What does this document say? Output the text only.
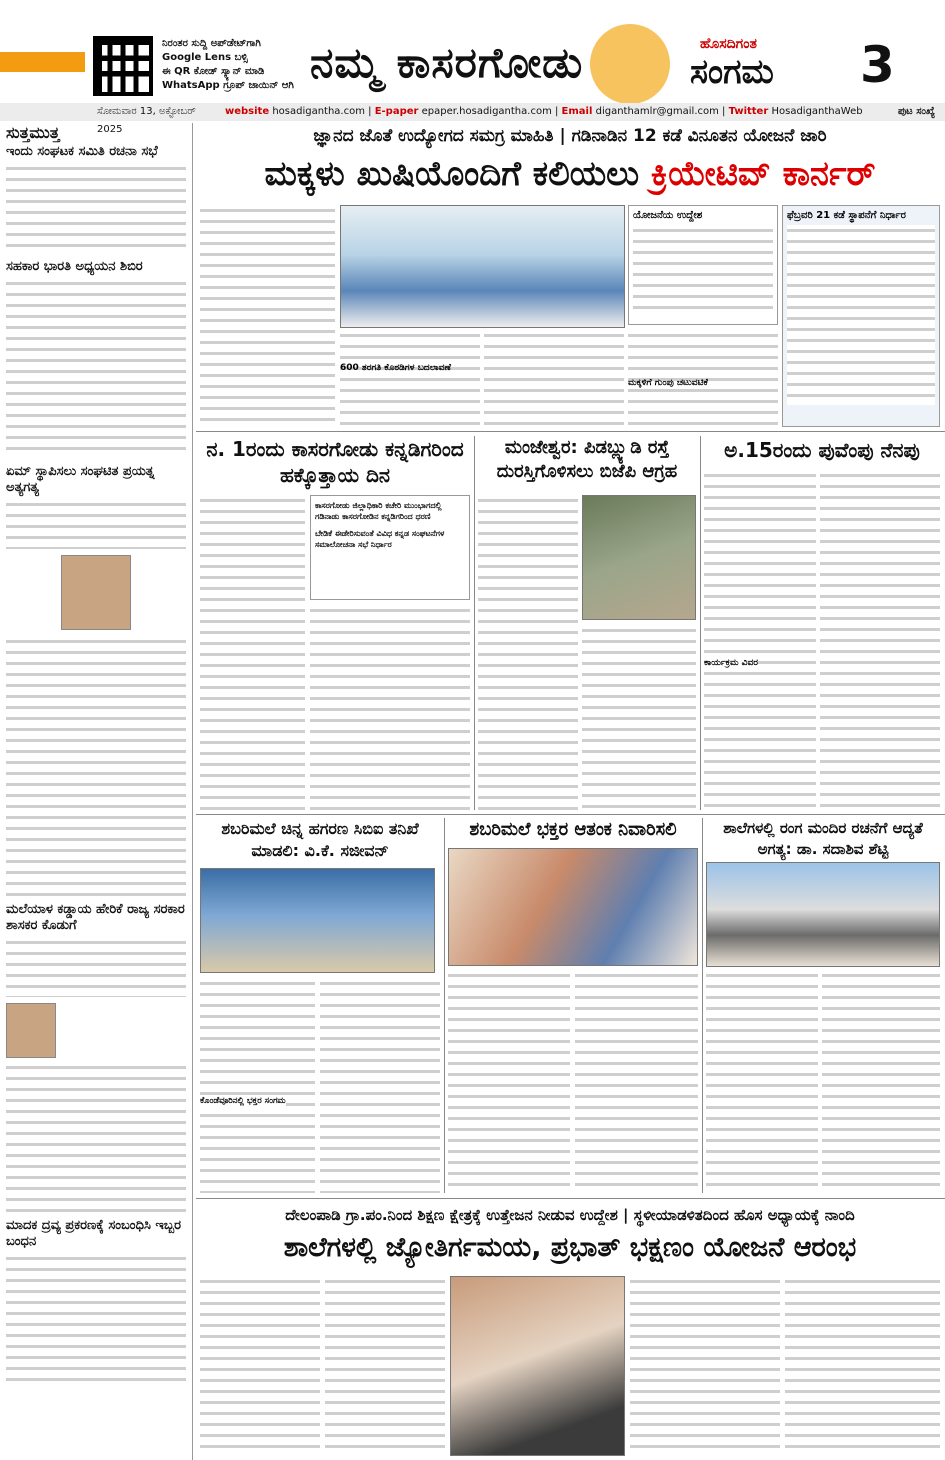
ನಿರಂತರ ಸುದ್ದಿ ಅಪ್‌ಡೇಟ್‌ಗಾಗಿ
Google Lens ಬಳ್ಸಿ
ಈ QR ಕೋಡ್ ಸ್ಕ್ಯಾನ್ ಮಾಡಿ
WhatsApp ಗ್ರೂಪ್ ಜಾಯಿನ್ ಆಗಿ ನಮ್ಮ ಕಾಸರಗೋಡು	ಹೊಸದಿಗಂತ
ಸಂಗಮ 3
ಸೋಮವಾರ 13, ಅಕ್ಟೋಬರ್ 2025
website hosadiganthа.com | E-paper epaper.hosadigantha.com | Email diganthamlr@gmail.com | Twitter HosadiganthaWeb	ಪುಟ ಸಂಖ್ಯೆ
ಸುತ್ತಮುತ್ತ
ಇಂದು ಸಂಘಟಕ ಸಮಿತಿ ರಚನಾ ಸಭೆ
ಸಹಕಾರ ಭಾರತಿ ಅಧ್ಯಯನ ಶಿಬಿರ
ಏಮ್ ಸ್ಥಾಪಿಸಲು ಸಂಘಟಿತ ಪ್ರಯತ್ನ ಅತ್ಯಗತ್ಯ
ಮಲೆಯಾಳ ಕಡ್ಡಾಯ ಹೇರಿಕೆ ರಾಜ್ಯ ಸರಕಾರ ಶಾಸಕರ ಕೊಡುಗೆ
ಮಾದಕ ದ್ರವ್ಯ ಪ್ರಕರಣಕ್ಕೆ ಸಂಬಂಧಿಸಿ ಇಬ್ಬರ ಬಂಧನ
ಜ್ಞಾನದ ಜೊತೆ ಉದ್ಯೋಗದ ಸಮಗ್ರ ಮಾಹಿತಿ | ಗಡಿನಾಡಿನ 12 ಕಡೆ ವಿನೂತನ ಯೋಜನೆ ಜಾರಿ
ಮಕ್ಕಳು ಖುಷಿಯೊಂದಿಗೆ ಕಲಿಯಲು ಕ್ರಿಯೇಟಿವ್ ಕಾರ್ನರ್
600 ತರಗತಿ ಕೊಠಡಿಗಳ ಬದಲಾವಣೆ
ಯೋಜನೆಯ ಉದ್ದೇಶ
ಮಕ್ಕಳಿಗೆ ಗುಂಪು ಚಟುವಟಿಕೆ
ಫೆಬ್ರವರಿ 21 ಕಡೆ ಸ್ಥಾಪನೆಗೆ ನಿರ್ಧಾರ
ನ. 1ರಂದು ಕಾಸರಗೋಡು ಕನ್ನಡಿಗರಿಂದ ಹಕ್ಕೊತ್ತಾಯ ದಿನ
ಕಾಸರಗೋಡು ಜಿಲ್ಲಾಧಿಕಾರಿ ಕಚೇರಿ ಮುಂಭಾಗದಲ್ಲಿ ಗಡಿನಾಡು ಕಾಸರಗೋಡಿನ ಕನ್ನಡಿಗರಿಂದ ಧರಣಿ
ಬೇಡಿಕೆ ಈಡೇರಿಸುವಂತೆ ವಿವಿಧ ಕನ್ನಡ ಸಂಘಟನೆಗಳ ಸಮಾಲೋಚನಾ ಸಭೆ ನಿರ್ಧಾರ
ಮಂಜೇಶ್ವರ: ಪಿಡಬ್ಲ್ಯುಡಿ ರಸ್ತೆ ದುರಸ್ತಿಗೊಳಿಸಲು ಬಿಜೆಪಿ ಆಗ್ರಹ
ಅ.15ರಂದು ಪುವೆಂಪು ನೆನಪು
ಕಾರ್ಯಕ್ರಮ ವಿವರ
ಶಬರಿಮಲೆ ಚಿನ್ನ ಹಗರಣ ಸಿಬಿಐ ತನಿಖೆ ಮಾಡಲಿ: ವಿ.ಕೆ. ಸಜೀವನ್
ಕೊಂಡೆವೂರಿನಲ್ಲಿ ಭಕ್ತರ ಸಂಗಮ
ಶಬರಿಮಲೆ ಭಕ್ತರ ಆತಂಕ ನಿವಾರಿಸಲಿ	ಶಾಲೆಗಳಲ್ಲಿ ರಂಗ ಮಂದಿರ ರಚನೆಗೆ ಆದ್ಯತೆ ಅಗತ್ಯ: ಡಾ. ಸದಾಶಿವ ಶೆಟ್ಟಿ
ದೇಲಂಪಾಡಿ ಗ್ರಾ.ಪಂ.ನಿಂದ ಶಿಕ್ಷಣ ಕ್ಷೇತ್ರಕ್ಕೆ ಉತ್ತೇಜನ ನೀಡುವ ಉದ್ದೇಶ | ಸ್ಥಳೀಯಾಡಳಿತದಿಂದ ಹೊಸ ಅಧ್ಯಾಯಕ್ಕೆ ನಾಂದಿ
ಶಾಲೆಗಳಲ್ಲಿ ಜ್ಯೋತಿರ್ಗಮಯ, ಪ್ರಭಾತ್ ಭಕ್ಷಣಂ ಯೋಜನೆ ಆರಂಭ
